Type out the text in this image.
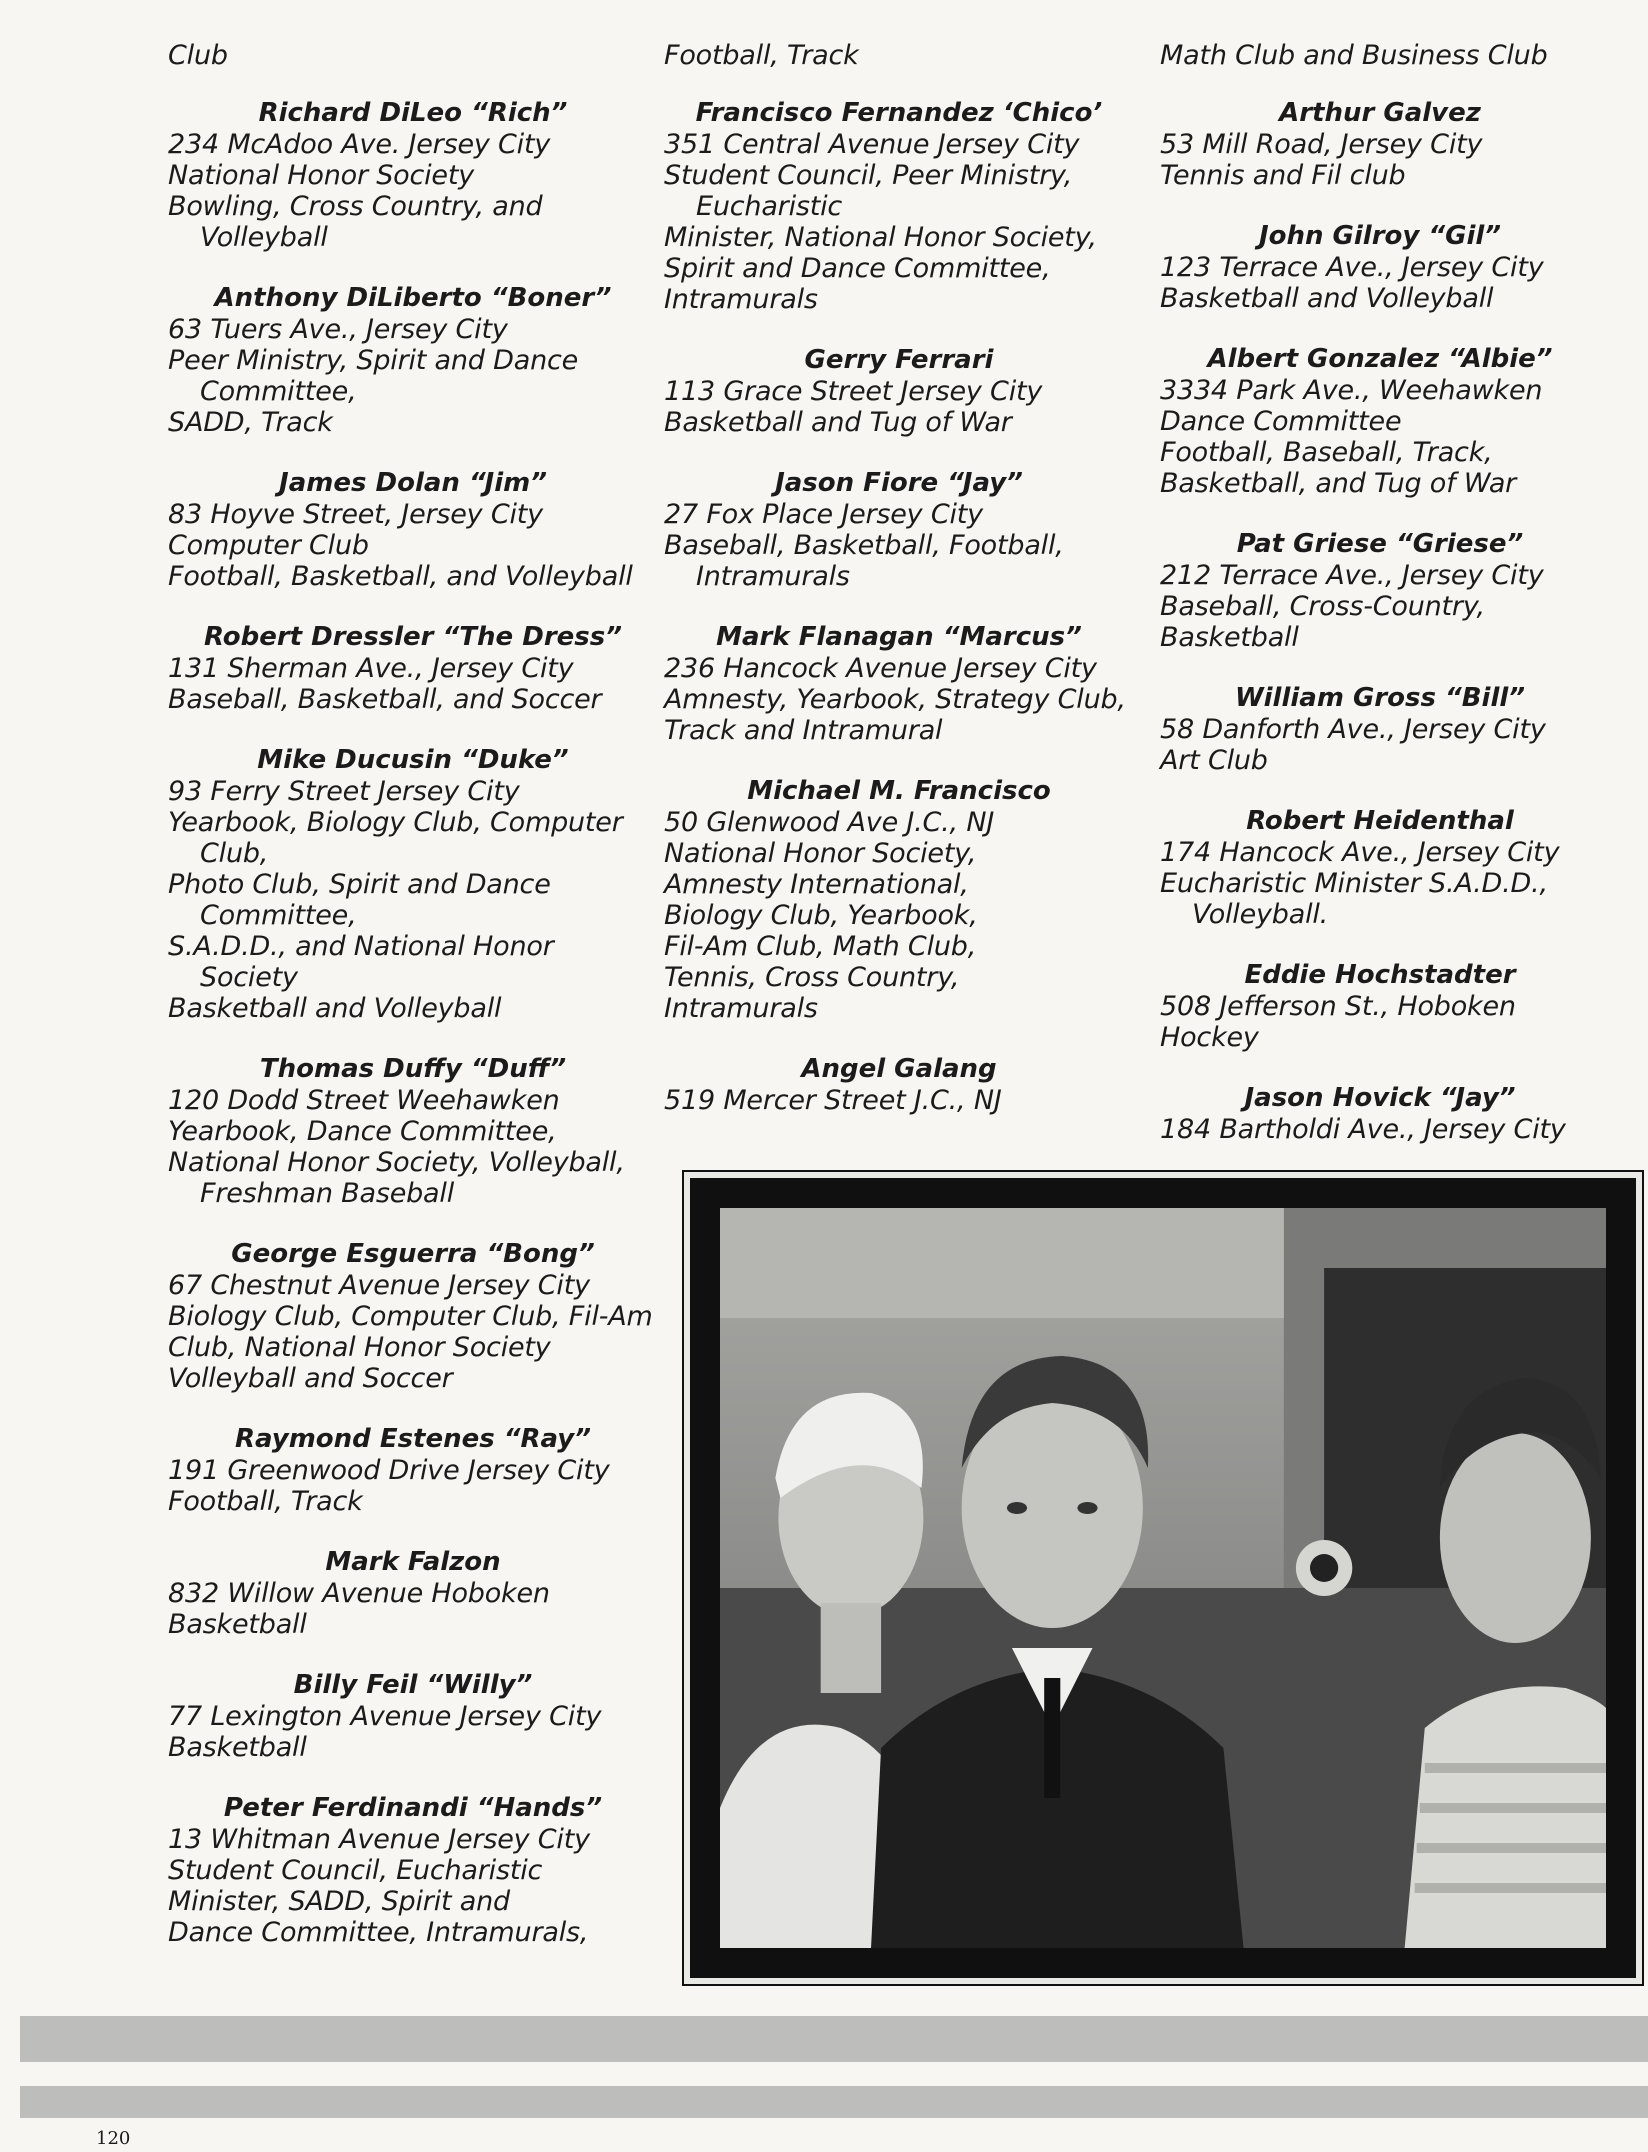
Club
Richard DiLeo “Rich”
234 McAdoo Ave. Jersey City
National Honor Society
Bowling, Cross Country, and Volleyball
Anthony DiLiberto “Boner”
63 Tuers Ave., Jersey City
Peer Ministry, Spirit and Dance Committee,
SADD, Track
James Dolan “Jim”
83 Hoyve Street, Jersey City
Computer Club
Football, Basketball, and Volleyball
Robert Dressler “The Dress”
131 Sherman Ave., Jersey City
Baseball, Basketball, and Soccer
Mike Ducusin “Duke”
93 Ferry Street Jersey City
Yearbook, Biology Club, Computer Club,
Photo Club, Spirit and Dance Committee,
S.A.D.D., and National Honor Society
Basketball and Volleyball
Thomas Duffy “Duff”
120 Dodd Street Weehawken
Yearbook, Dance Committee,
National Honor Society, Volleyball, Freshman Baseball
George Esguerra “Bong”
67 Chestnut Avenue Jersey City
Biology Club, Computer Club, Fil-Am
Club, National Honor Society
Volleyball and Soccer
Raymond Estenes “Ray”
191 Greenwood Drive Jersey City
Football, Track
Mark Falzon
832 Willow Avenue Hoboken
Basketball
Billy Feil “Willy”
77 Lexington Avenue Jersey City
Basketball
Peter Ferdinandi “Hands”
13 Whitman Avenue Jersey City
Student Council, Eucharistic
Minister, SADD, Spirit and
Dance Committee, Intramurals,
Football, Track
Francisco Fernandez ‘Chico’
351 Central Avenue Jersey City
Student Council, Peer Ministry, Eucharistic
Minister, National Honor Society,
Spirit and Dance Committee,
Intramurals
Gerry Ferrari
113 Grace Street Jersey City
Basketball and Tug of War
Jason Fiore “Jay”
27 Fox Place Jersey City
Baseball, Basketball, Football, Intramurals
Mark Flanagan “Marcus”
236 Hancock Avenue Jersey City
Amnesty, Yearbook, Strategy Club,
Track and Intramural
Michael M. Francisco
50 Glenwood Ave J.C., NJ
National Honor Society,
Amnesty International,
Biology Club, Yearbook,
Fil-Am Club, Math Club,
Tennis, Cross Country,
Intramurals
Angel Galang
519 Mercer Street J.C., NJ
Math Club and Business Club
Arthur Galvez
53 Mill Road, Jersey City
Tennis and Fil club
John Gilroy “Gil”
123 Terrace Ave., Jersey City
Basketball and Volleyball
Albert Gonzalez “Albie”
3334 Park Ave., Weehawken
Dance Committee
Football, Baseball, Track,
Basketball, and Tug of War
Pat Griese “Griese”
212 Terrace Ave., Jersey City
Baseball, Cross-Country,
Basketball
William Gross “Bill”
58 Danforth Ave., Jersey City
Art Club
Robert Heidenthal
174 Hancock Ave., Jersey City
Eucharistic Minister S.A.D.D., Volleyball.
Eddie Hochstadter
508 Jefferson St., Hoboken
Hockey
Jason Hovick “Jay”
184 Bartholdi Ave., Jersey City
120
